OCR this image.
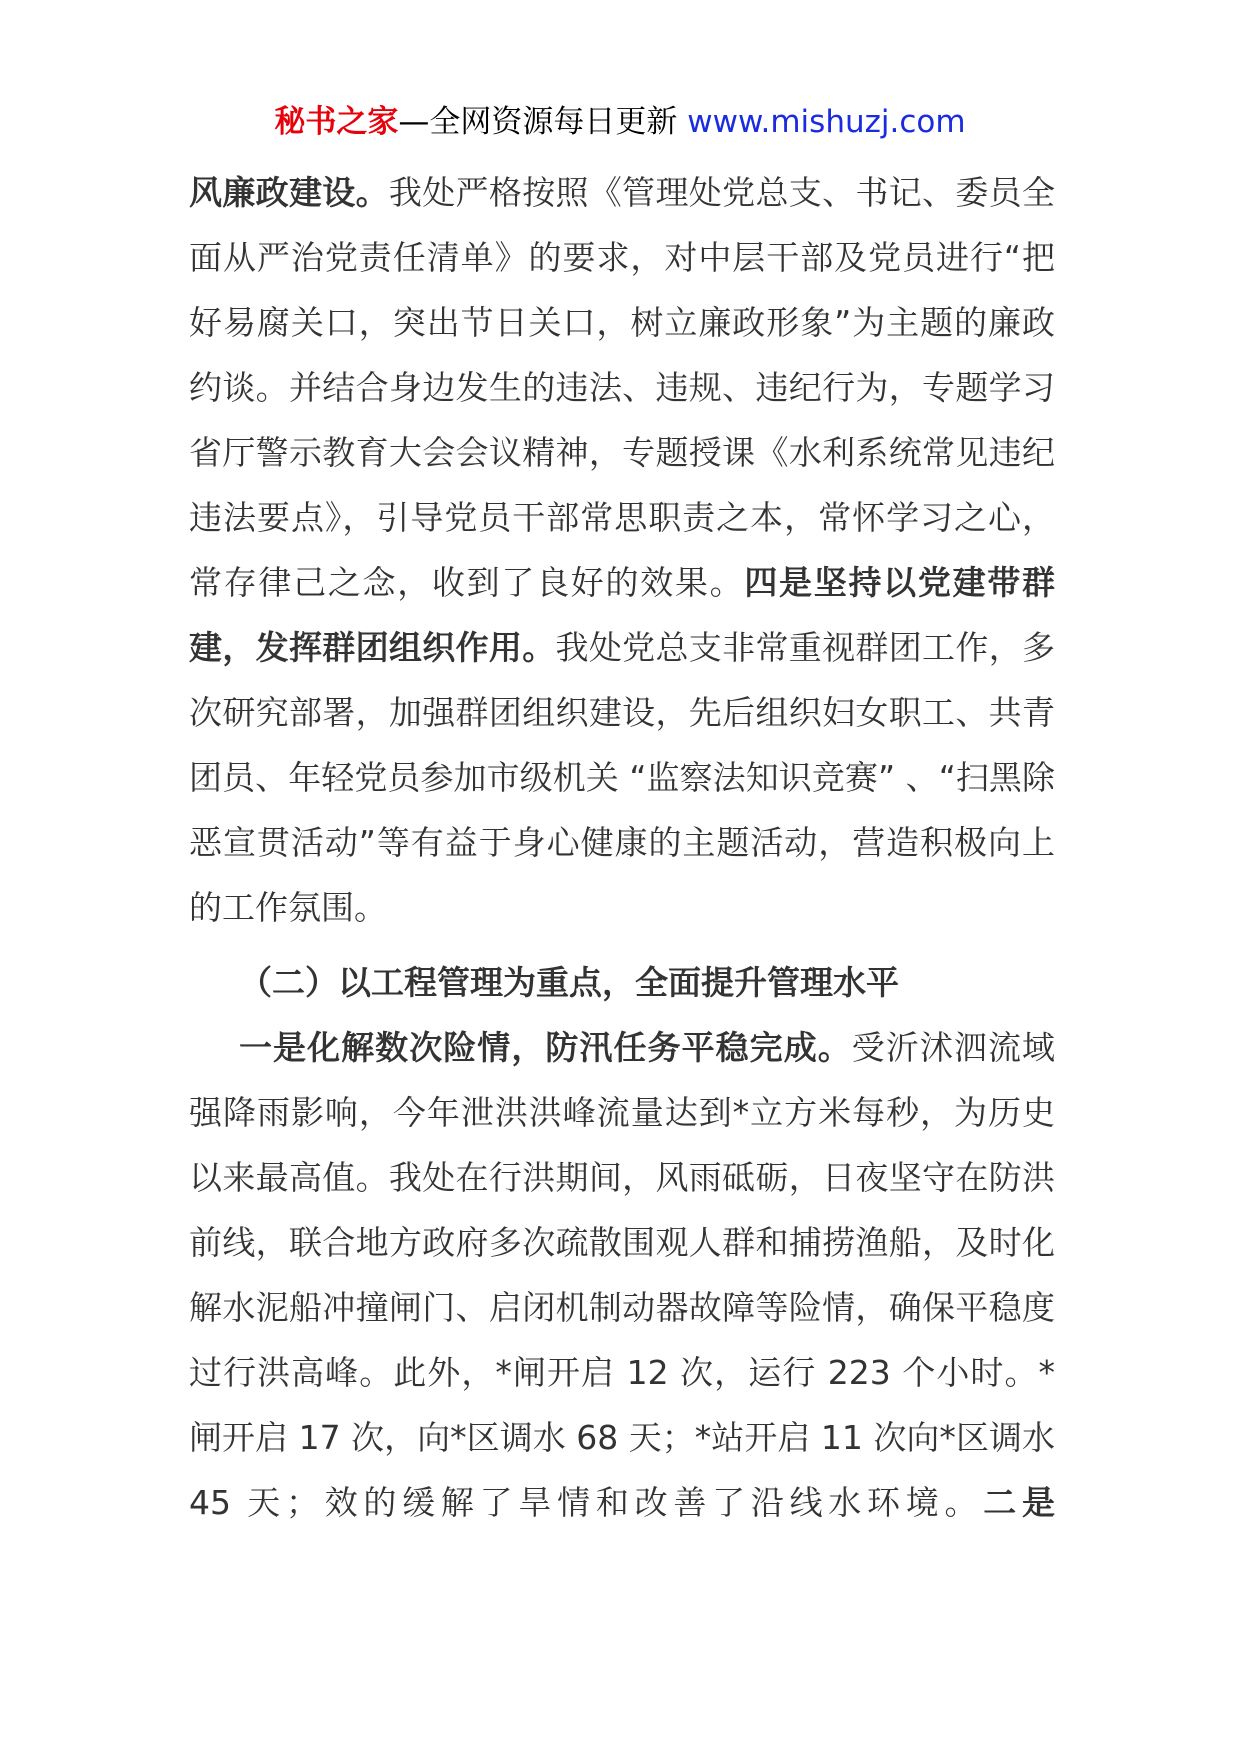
秘书之家—全网资源每日更新 www.mishuzj.com

风廉政建设。我处严格按照《管理处党总支、书记、委员全面从严治党责任清单》的要求，对中层干部及党员进行“把好易腐关口，突出节日关口，树立廉政形象”为主题的廉政约谈。并结合身边发生的违法、违规、违纪行为，专题学习省厅警示教育大会会议精神，专题授课《水利系统常见违纪违法要点》，引导党员干部常思职责之本，常怀学习之心，常存律己之念，收到了良好的效果。四是坚持以党建带群建，发挥群团组织作用。我处党总支非常重视群团工作，多次研究部署，加强群团组织建设，先后组织妇女职工、共青团员、年轻党员参加市级机关 “监察法知识竞赛” 、“扫黑除恶宣贯活动”等有益于身心健康的主题活动，营造积极向上的工作氛围。

（二）以工程管理为重点，全面提升管理水平

一是化解数次险情，防汛任务平稳完成。受沂沭泗流域强降雨影响，今年泄洪洪峰流量达到*立方米每秒，为历史以来最高值。我处在行洪期间，风雨砥砺，日夜坚守在防洪前线，联合地方政府多次疏散围观人群和捕捞渔船，及时化解水泥船冲撞闸门、启闭机制动器故障等险情，确保平稳度过行洪高峰。此外，*闸开启 12 次，运行 223 个小时。*闸开启 17 次，向*区调水 68 天；*站开启 11 次向*区调水 45 天；效的缓解了旱情和改善了沿线水环境。二是
